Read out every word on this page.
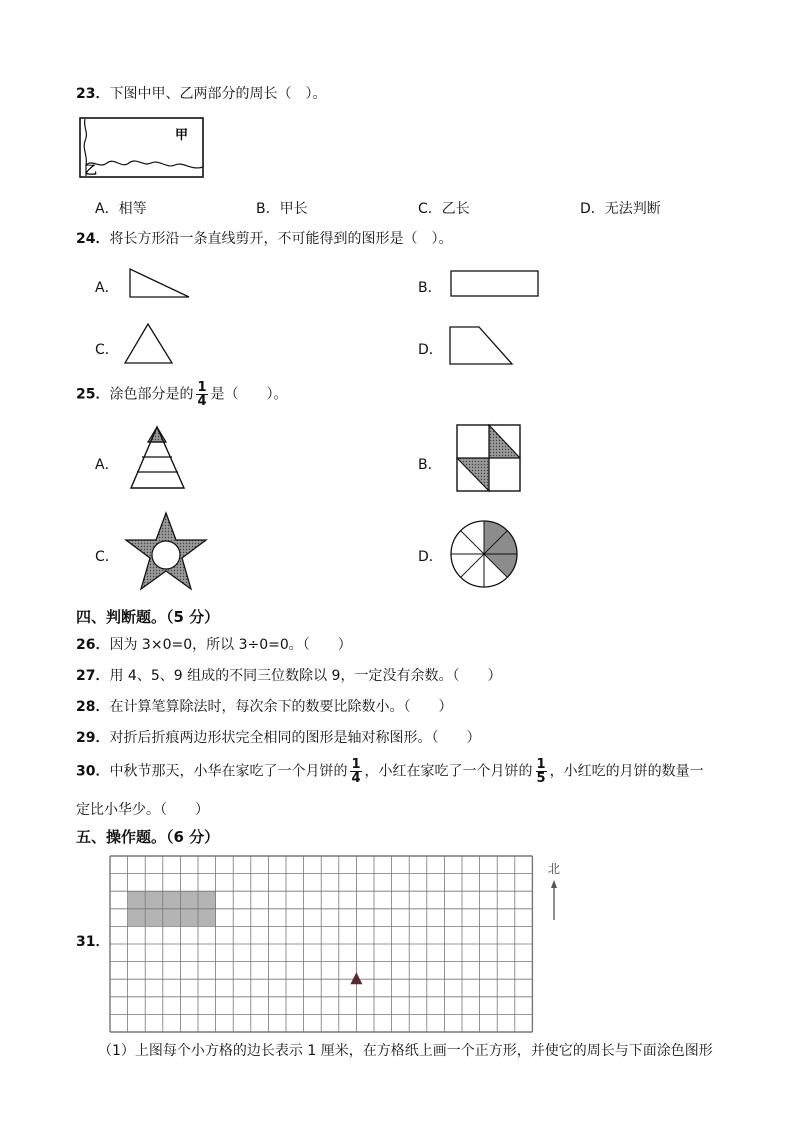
23．下图中甲、乙两部分的周长（　）。
甲
乙
A．相等	B．甲长	C．乙长	D．无法判断
24．将长方形沿一条直线剪开，不可能得到的图形是（　）。
A．	B．
C．	D．
25．涂色部分是的 $\frac{1}{4}$ 是（　　）。
A．	B．
C．	D．
四、判断题。（5 分）
26．因为 3×0=0，所以 3÷0=0。（　　）
27．用 4、5、9 组成的不同三位数除以 9，一定没有余数。（　　）
28．在计算笔算除法时，每次余下的数要比除数小。（　　）
29．对折后折痕两边形状完全相同的图形是轴对称图形。（　　）
30．中秋节那天，小华在家吃了一个月饼的 $\frac{1}{4}$ ，小红在家吃了一个月饼的 $\frac{1}{5}$ ，小红吃的月饼的数量一
定比小华少。（　　）
五、操作题。（6 分）
31．
北
（1）上图每个小方格的边长表示 1 厘米，在方格纸上画一个正方形，并使它的周长与下面涂色图形
